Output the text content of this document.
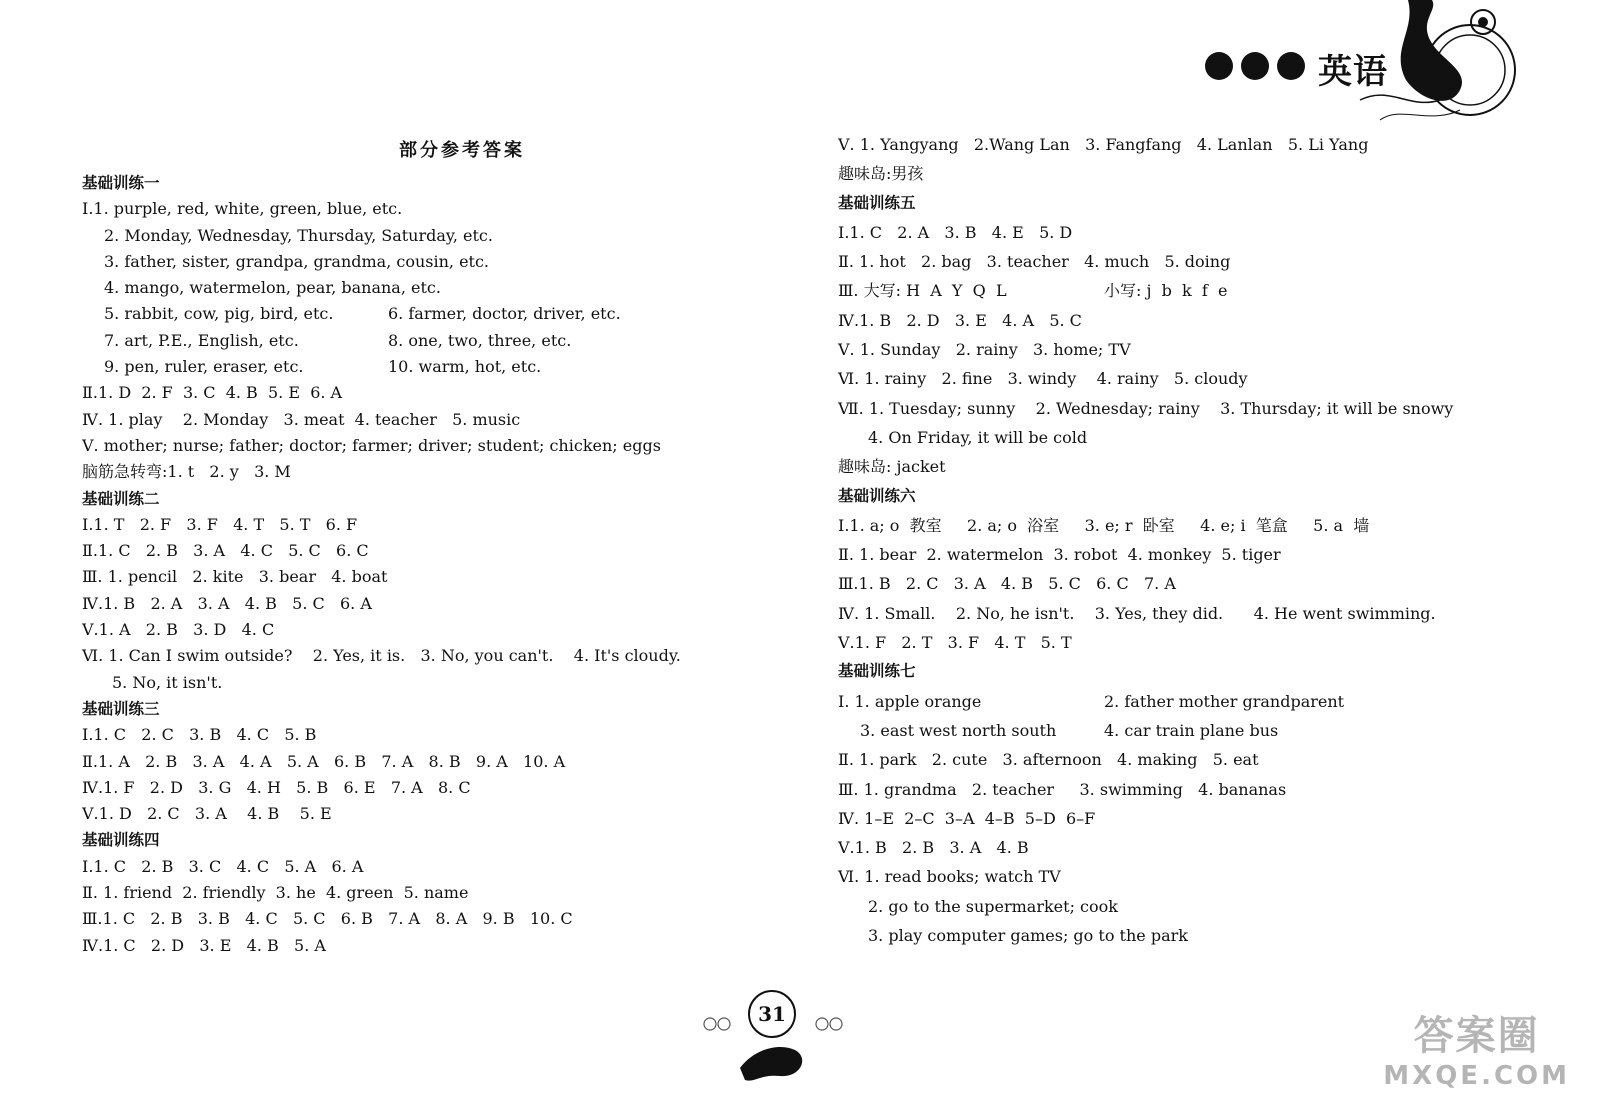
英语
部分参考答案
基础训练一
Ⅰ.1. purple, red, white, green, blue, etc.
2. Monday, Wednesday, Thursday, Saturday, etc.
3. father, sister, grandpa, grandma, cousin, etc.
4. mango, watermelon, pear, banana, etc.
5. rabbit, cow, pig, bird, etc.	6. farmer, doctor, driver, etc.
7. art, P.E., English, etc.	8. one, two, three, etc.
9. pen, ruler, eraser, etc.	10. warm, hot, etc.
Ⅱ.1. D  2. F  3. C  4. B  5. E  6. A
Ⅳ. 1. play    2. Monday   3. meat  4. teacher   5. music
Ⅴ. mother; nurse; father; doctor; farmer; driver; student; chicken; eggs
脑筋急转弯:1. t   2. y   3. M
基础训练二
Ⅰ.1. T   2. F   3. F   4. T   5. T   6. F
Ⅱ.1. C   2. B   3. A   4. C   5. C   6. C
Ⅲ. 1. pencil   2. kite   3. bear   4. boat
Ⅳ.1. B   2. A   3. A   4. B   5. C   6. A
Ⅴ.1. A   2. B   3. D   4. C
Ⅵ. 1. Can I swim outside?    2. Yes, it is.   3. No, you can't.    4. It's cloudy.
5. No, it isn't.
基础训练三
Ⅰ.1. C   2. C   3. B   4. C   5. B
Ⅱ.1. A   2. B   3. A   4. A   5. A   6. B   7. A   8. B   9. A   10. A
Ⅳ.1. F   2. D   3. G   4. H   5. B   6. E   7. A   8. C
Ⅴ.1. D   2. C   3. A    4. B    5. E
基础训练四
Ⅰ.1. C   2. B   3. C   4. C   5. A   6. A
Ⅱ. 1. friend  2. friendly  3. he  4. green  5. name
Ⅲ.1. C   2. B   3. B   4. C   5. C   6. B   7. A   8. A   9. B   10. C
Ⅳ.1. C   2. D   3. E   4. B   5. A
Ⅴ. 1. Yangyang   2.Wang Lan   3. Fangfang   4. Lanlan   5. Li Yang
趣味岛:男孩
基础训练五
Ⅰ.1. C   2. A   3. B   4. E   5. D
Ⅱ. 1. hot   2. bag   3. teacher   4. much   5. doing
Ⅲ. 大写: H  A  Y  Q  L	小写: j  b  k  f  e
Ⅳ.1. B   2. D   3. E   4. A   5. C
Ⅴ. 1. Sunday   2. rainy   3. home; TV
Ⅵ. 1. rainy   2. fine   3. windy    4. rainy   5. cloudy
Ⅶ. 1. Tuesday; sunny    2. Wednesday; rainy    3. Thursday; it will be snowy
4. On Friday, it will be cold
趣味岛: jacket
基础训练六
Ⅰ.1. a; o  教室     2. a; o  浴室     3. e; r  卧室     4. e; i  笔盒     5. a  墙
Ⅱ. 1. bear  2. watermelon  3. robot  4. monkey  5. tiger
Ⅲ.1. B   2. C   3. A   4. B   5. C   6. C   7. A
Ⅳ. 1. Small.    2. No, he isn't.    3. Yes, they did.      4. He went swimming.
Ⅴ.1. F   2. T   3. F   4. T   5. T
基础训练七
Ⅰ. 1. apple orange	2. father mother grandparent
3. east west north south	4. car train plane bus
Ⅱ. 1. park   2. cute   3. afternoon   4. making   5. eat
Ⅲ. 1. grandma   2. teacher     3. swimming   4. bananas
Ⅳ. 1–E  2–C  3–A  4–B  5–D  6–F
Ⅴ.1. B   2. B   3. A   4. B
Ⅵ. 1. read books; watch TV
2. go to the supermarket; cook
3. play computer games; go to the park
31	答案圈
MXQE.COM
